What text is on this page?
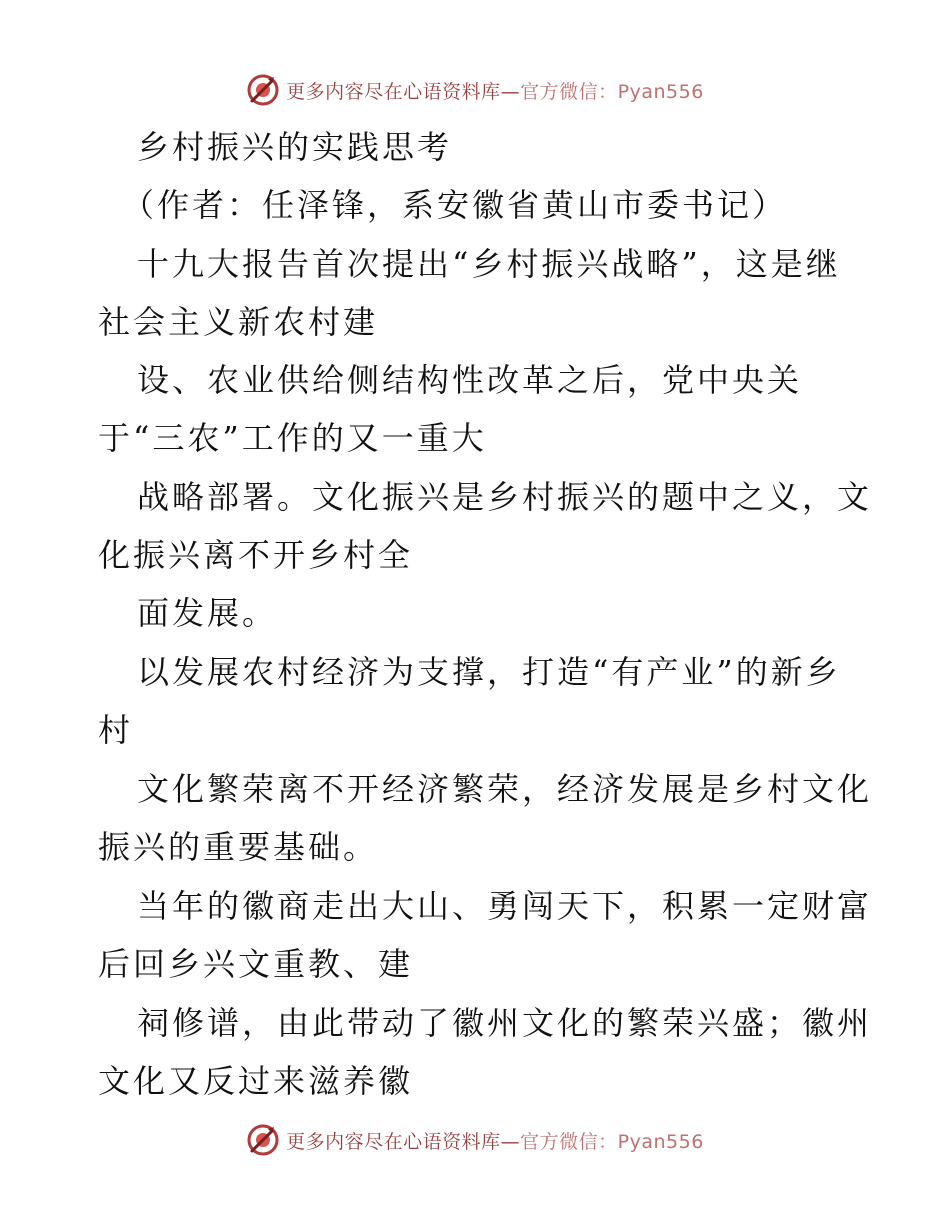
更多内容尽在心语资料库—官方微信：Pyan556
乡村振兴的实践思考
（作者：任泽锋，系安徽省黄山市委书记）
十九大报告首次提出“乡村振兴战略”，这是继
社会主义新农村建
设、农业供给侧结构性改革之后，党中央关
于“三农”工作的又一重大
战略部署。文化振兴是乡村振兴的题中之义，文
化振兴离不开乡村全
面发展。
以发展农村经济为支撑，打造“有产业”的新乡
村
文化繁荣离不开经济繁荣，经济发展是乡村文化
振兴的重要基础。
当年的徽商走出大山、勇闯天下，积累一定财富
后回乡兴文重教、建
祠修谱，由此带动了徽州文化的繁荣兴盛；徽州
文化又反过来滋养徽
更多内容尽在心语资料库—官方微信：Pyan556
